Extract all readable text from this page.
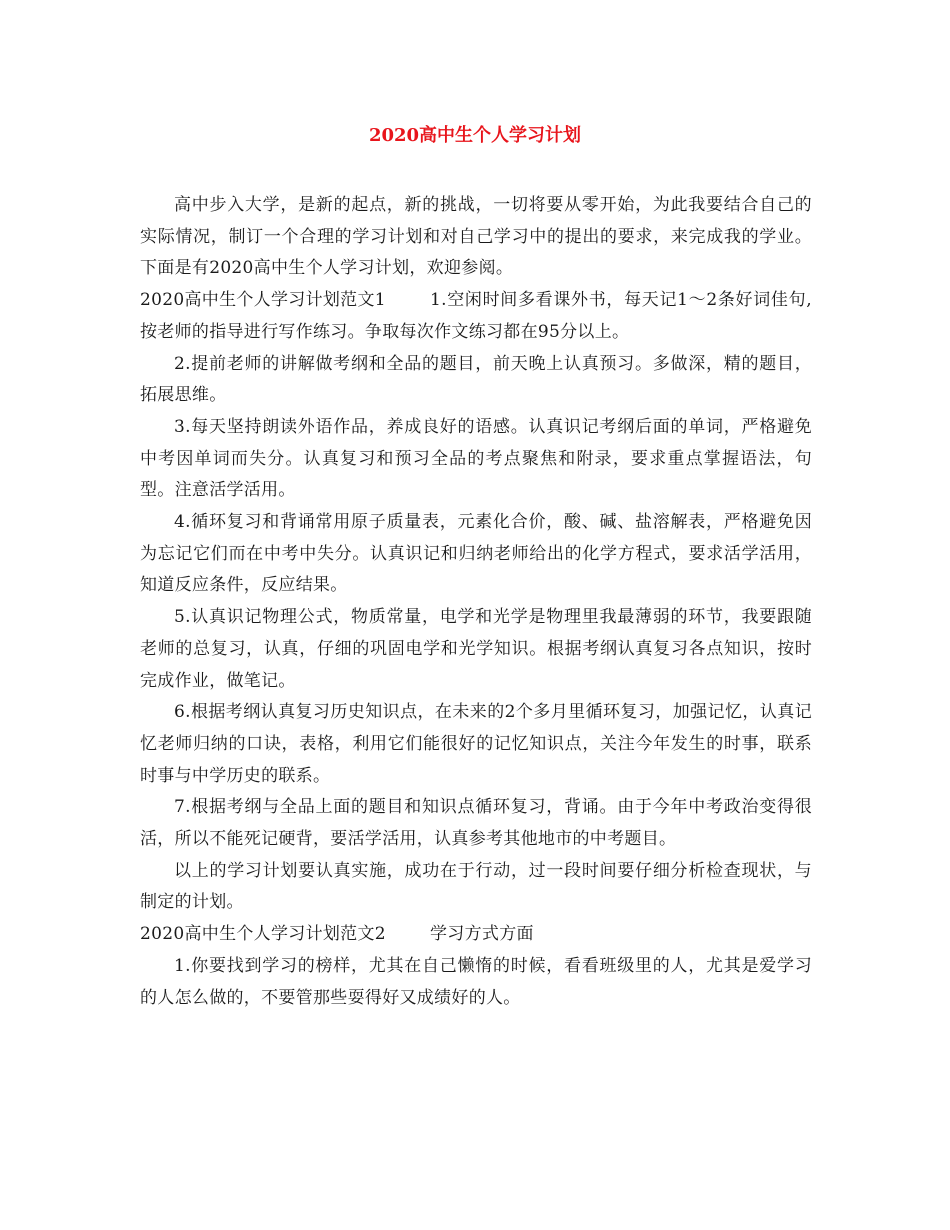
2020高中生个人学习计划

高中步入大学，是新的起点，新的挑战，一切将要从零开始，为此我要结合自己的实际情况，制订一个合理的学习计划和对自己学习中的提出的要求，来完成我的学业。下面是有2020高中生个人学习计划，欢迎参阅。

2020高中生个人学习计划范文1	1.空闲时间多看课外书，每天记1～2条好词佳句,按老师的指导进行写作练习。争取每次作文练习都在95分以上。

2.提前老师的讲解做考纲和全品的题目，前天晚上认真预习。多做深，精的题目，拓展思维。

3.每天坚持朗读外语作品，养成良好的语感。认真识记考纲后面的单词，严格避免中考因单词而失分。认真复习和预习全品的考点聚焦和附录，要求重点掌握语法，句型。注意活学活用。

4.循环复习和背诵常用原子质量表，元素化合价，酸、碱、盐溶解表，严格避免因为忘记它们而在中考中失分。认真识记和归纳老师给出的化学方程式，要求活学活用，知道反应条件，反应结果。

5.认真识记物理公式，物质常量，电学和光学是物理里我最薄弱的环节，我要跟随老师的总复习，认真，仔细的巩固电学和光学知识。根据考纲认真复习各点知识，按时完成作业，做笔记。

6.根据考纲认真复习历史知识点，在未来的2个多月里循环复习，加强记忆，认真记忆老师归纳的口诀，表格，利用它们能很好的记忆知识点，关注今年发生的时事，联系时事与中学历史的联系。

7.根据考纲与全品上面的题目和知识点循环复习，背诵。由于今年中考政治变得很活，所以不能死记硬背，要活学活用，认真参考其他地市的中考题目。

以上的学习计划要认真实施，成功在于行动，过一段时间要仔细分析检查现状，与制定的计划。

2020高中生个人学习计划范文2	学习方式方面

1.你要找到学习的榜样，尤其在自己懒惰的时候，看看班级里的人，尤其是爱学习的人怎么做的，不要管那些耍得好又成绩好的人。
